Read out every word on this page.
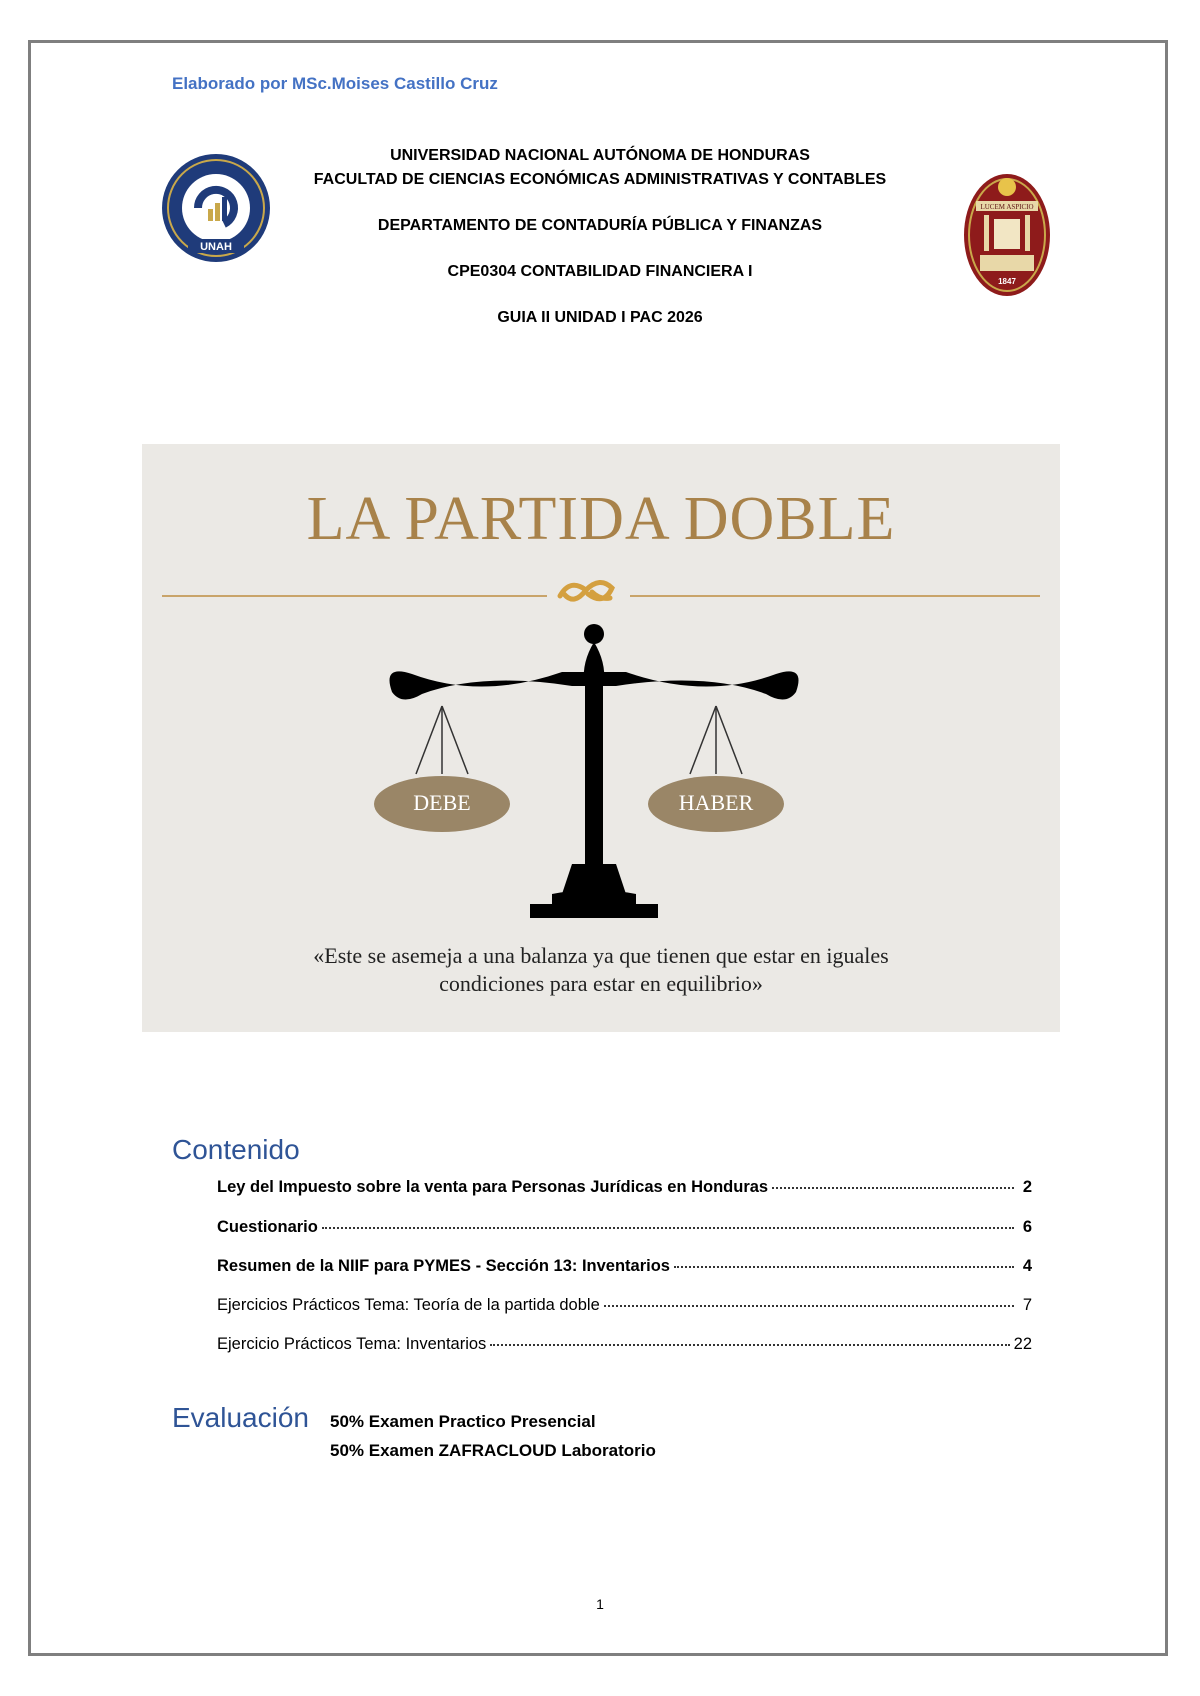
Elaborado por MSc.Moises Castillo Cruz
UNAH
UNIVERSIDAD NACIONAL AUTÓNOMA DE HONDURAS
FACULTAD DE CIENCIAS ECONÓMICAS ADMINISTRATIVAS Y CONTABLES
DEPARTAMENTO DE CONTADURÍA PÚBLICA Y FINANZAS
CPE0304 CONTABILIDAD FINANCIERA I
GUIA II UNIDAD I PAC 2026
LUCEM ASPICIO
1847
LA PARTIDA DOBLE
DEBE	HABER
«Este se asemeja a una balanza ya que tienen que estar en iguales
condiciones para estar en equilibrio»
Contenido
Ley del Impuesto sobre la venta para Personas Jurídicas en Honduras	2
Cuestionario	6
Resumen de la NIIF para PYMES - Sección 13: Inventarios	4
Ejercicios Prácticos Tema: Teoría de la partida doble	7
Ejercicio Prácticos Tema: Inventarios	22
Evaluación 50% Examen Practico Presencial
50% Examen ZAFRACLOUD Laboratorio
1
